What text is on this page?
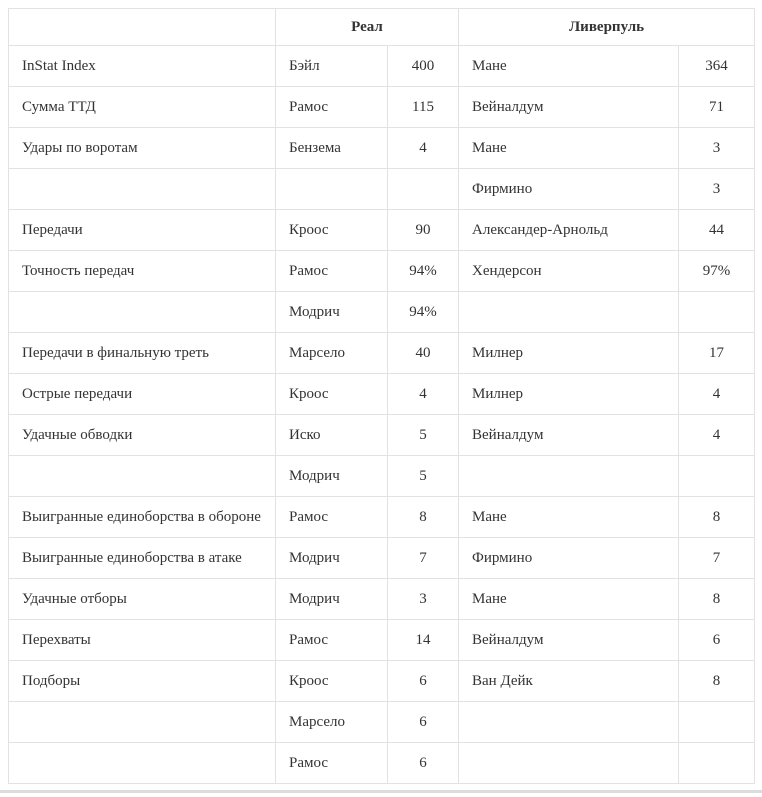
	Реал		Ливерпуль	
InStat Index	Бэйл	400	Мане	364
Сумма ТТД	Рамос	115	Вейналдум	71
Удары по воротам	Бензема	4	Мане	3
			Фирмино	3
Передачи	Кроос	90	Александер-Арнольд	44
Точность передач	Рамос	94%	Хендерсон	97%
	Модрич	94%		
Передачи в финальную треть	Марсело	40	Милнер	17
Острые передачи	Кроос	4	Милнер	4
Удачные обводки	Иско	5	Вейналдум	4
	Модрич	5		
Выигранные единоборства в обороне	Рамос	8	Мане	8
Выигранные единоборства в атаке	Модрич	7	Фирмино	7
Удачные отборы	Модрич	3	Мане	8
Перехваты	Рамос	14	Вейналдум	6
Подборы	Кроос	6	Ван Дейк	8
	Марсело	6		
	Рамос	6		
